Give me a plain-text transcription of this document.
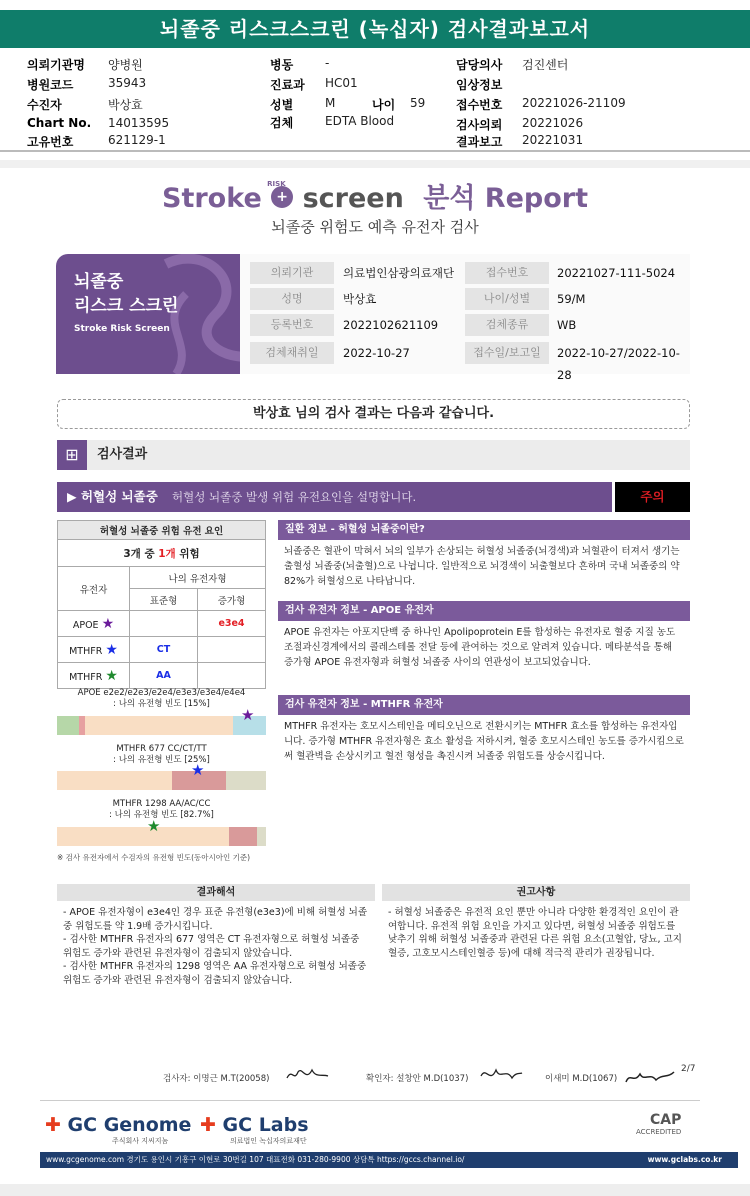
뇌졸중 리스크스크린 (녹십자) 검사결과보고서
의뢰기관명 양병원
병원코드	35943
수진자	박상효
Chart No. 14013595
고유번호	621129-1
병동	-
진료과 HC01
성별	M	나이 59
검체	EDTA Blood
담당의사 검진센터
임상정보
접수번호 20221026-21109
검사의뢰 20221026
결과보고 20221031
Stroke +
RISK screen 분석 Report
뇌졸중 위험도 예측 유전자 검사
뇌졸중
리스크 스크린
Stroke Risk Screen
의뢰기관	의료법인삼광의료재단	접수번호	20221027-111-5024
성명	박상효	나이/성별	59/M
등록번호	2022102621109	검체종류	WB
검체채취일	2022-10-27	접수일/보고일	2022-10-27/2022-10-28
박상효 님의 검사 결과는 다음과 같습니다.
⊞	검사결과
▶ 허혈성 뇌졸중 허혈성 뇌졸중 발생 위험 유전요인을 설명합니다.	주의
허혈성 뇌졸중 위험 유전 요인		
3개 중 1개 위험		
유전자	나의 유전자형	
	표준형	증가형
APOE ★		e3e4
MTHFR ★	CT	
MTHFR ★	AA	
APOE e2e2/e2e3/e2e4/e3e3/e3e4/e4e4
: 나의 유전형 빈도 [15%]
★
MTHFR 677 CC/CT/TT
: 나의 유전형 빈도 [25%]
★
MTHFR 1298 AA/AC/CC
: 나의 유전형 빈도 [82.7%]
★
※ 검사 유전자에서 수검자의 유전형 빈도(동아시아인 기준)
질환 정보 - 허혈성 뇌졸중이란?
뇌졸중은 혈관이 막혀서 뇌의 일부가 손상되는 허혈성 뇌졸중(뇌경색)과 뇌혈관이 터져서 생기는출혈성 뇌졸중(뇌출혈)으로 나뉩니다. 일반적으로 뇌경색이 뇌출혈보다 흔하며 국내 뇌졸중의 약 82%가 허혈성으로 나타납니다.
검사 유전자 정보 - APOE 유전자
APOE 유전자는 아포지단백 중 하나인 Apolipoprotein E를 합성하는 유전자로 혈중 지질 농도 조절과신경계에서의 콜레스테롤 전달 등에 관여하는 것으로 알려져 있습니다. 메타분석을 통해 증가형 APOE 유전자형과 허혈성 뇌졸중 사이의 연관성이 보고되었습니다.
검사 유전자 정보 - MTHFR 유전자
MTHFR 유전자는 호모시스테인을 메티오닌으로 전환시키는 MTHFR 효소를 합성하는 유전자입니다. 증가형 MTHFR 유전자형은 효소 활성을 저하시켜, 혈중 호모시스테인 농도를 증가시킴으로써 혈관벽을 손상시키고 혈전 형성을 촉진시켜 뇌졸중 위험도를 상승시킵니다.
결과해석
- APOE 유전자형이 e3e4인 경우 표준 유전형(e3e3)에 비해 허혈성 뇌졸중 위험도를 약 1.9배 증가시킵니다.
- 검사한 MTHFR 유전자의 677 영역은 CT 유전자형으로 허혈성 뇌졸중 위험도 증가와 관련된 유전자형이 검출되지 않았습니다.
- 검사한 MTHFR 유전자의 1298 영역은 AA 유전자형으로 허혈성 뇌졸중 위험도 증가와 관련된 유전자형이 검출되지 않았습니다.
권고사항
- 허혈성 뇌졸중은 유전적 요인 뿐만 아니라 다양한 환경적인 요인이 관여합니다. 유전적 위험 요인을 가지고 있다면, 허혈성 뇌졸중 위험도를 낮추기 위해 허혈성 뇌졸중과 관련된 다른 위험 요소(고혈압, 당뇨, 고지혈증, 고호모시스테인혈증 등)에 대해 적극적 관리가 권장됩니다.
검사자: 이명근 M.T(20058)	확인자: 설창안 M.D(1037)	이새미 M.D(1067)
2/7
✚ GC Genome
주식회사 지씨지놈
✚ GC Labs
의료법인 녹십자의료재단
CAP
ACCREDITED
www.gcgenome.com 경기도 용인시 기흥구 이현로 30번길 107 대표전화 031-280-9900 상담톡 https://gccs.channel.io/	www.gclabs.co.kr
